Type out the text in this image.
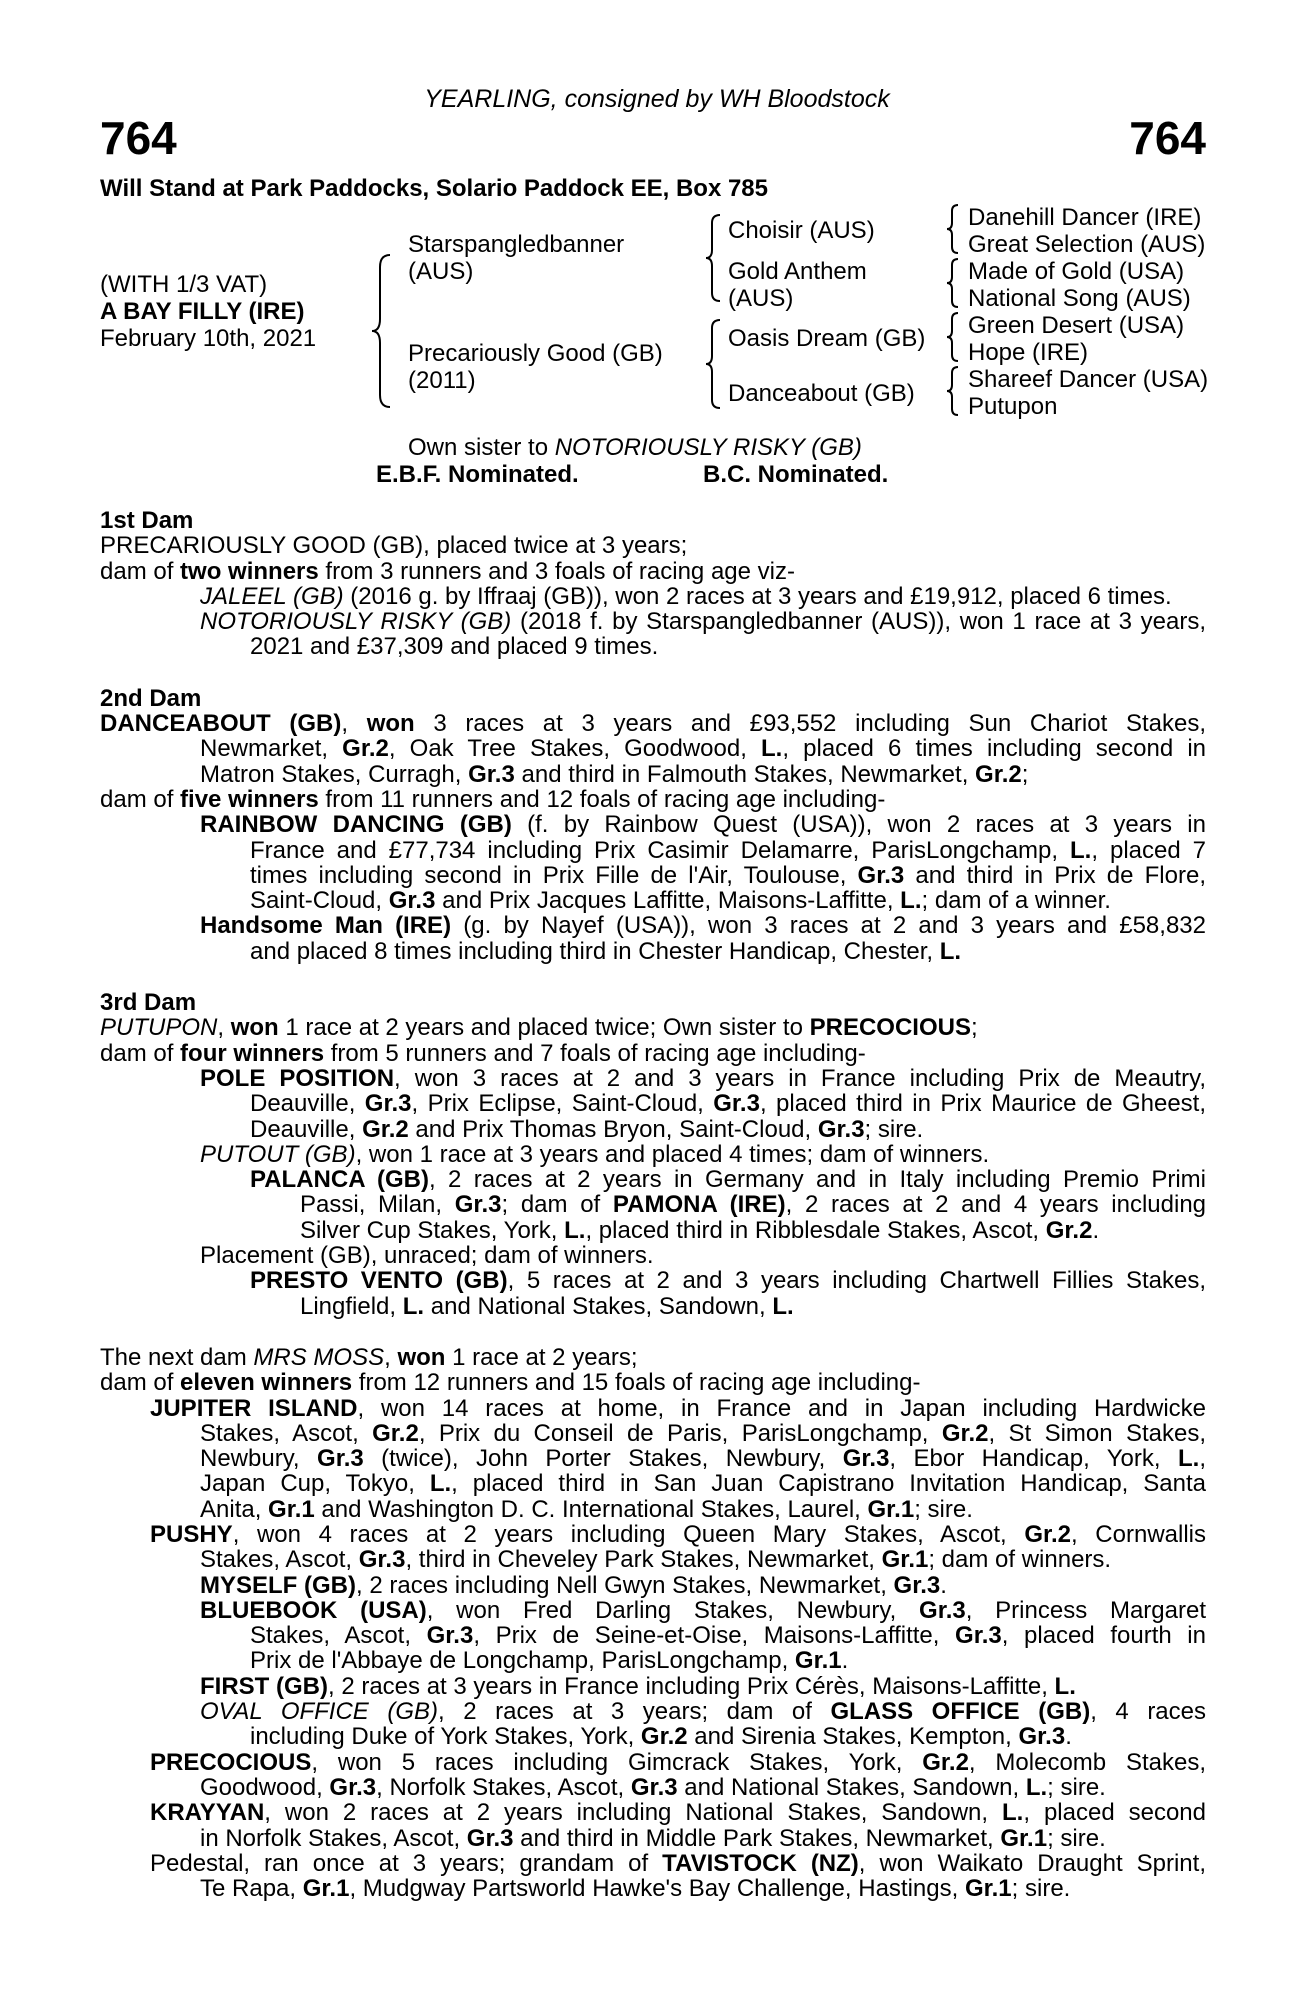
YEARLING, consigned by WH Bloodstock
764	764
Will Stand at Park Paddocks, Solario Paddock EE, Box 785
(WITH 1/3 VAT)
A BAY FILLY (IRE)
February 10th, 2021
Starspangledbanner
(AUS)
Precariously Good (GB)
(2011)
Choisir (AUS)
Gold Anthem
(AUS)
Oasis Dream (GB)
Danceabout (GB)
Danehill Dancer (IRE)
Great Selection (AUS)
Made of Gold (USA)
National Song (AUS)
Green Desert (USA)
Hope (IRE)
Shareef Dancer (USA)
Putupon
Own sister to NOTORIOUSLY RISKY (GB)
E.B.F. Nominated.	B.C. Nominated.
1st Dam
PRECARIOUSLY GOOD (GB), placed twice at 3 years;
dam of two winners from 3 runners and 3 foals of racing age viz-
JALEEL (GB) (2016 g. by Iffraaj (GB)), won 2 races at 3 years and £19,912, placed 6 times.
NOTORIOUSLY RISKY (GB) (2018 f. by Starspangledbanner (AUS)), won 1 race at 3 years,
2021 and £37,309 and placed 9 times.
2nd Dam
DANCEABOUT (GB), won 3 races at 3 years and £93,552 including Sun Chariot Stakes,
Newmarket, Gr.2, Oak Tree Stakes, Goodwood, L., placed 6 times including second in
Matron Stakes, Curragh, Gr.3 and third in Falmouth Stakes, Newmarket, Gr.2;
dam of five winners from 11 runners and 12 foals of racing age including-
RAINBOW DANCING (GB) (f. by Rainbow Quest (USA)), won 2 races at 3 years in
France and £77,734 including Prix Casimir Delamarre, ParisLongchamp, L., placed 7
times including second in Prix Fille de l'Air, Toulouse, Gr.3 and third in Prix de Flore,
Saint-Cloud, Gr.3 and Prix Jacques Laffitte, Maisons-Laffitte, L.; dam of a winner.
Handsome Man (IRE) (g. by Nayef (USA)), won 3 races at 2 and 3 years and £58,832
and placed 8 times including third in Chester Handicap, Chester, L.
3rd Dam
PUTUPON, won 1 race at 2 years and placed twice; Own sister to PRECOCIOUS;
dam of four winners from 5 runners and 7 foals of racing age including-
POLE POSITION, won 3 races at 2 and 3 years in France including Prix de Meautry,
Deauville, Gr.3, Prix Eclipse, Saint-Cloud, Gr.3, placed third in Prix Maurice de Gheest,
Deauville, Gr.2 and Prix Thomas Bryon, Saint-Cloud, Gr.3; sire.
PUTOUT (GB), won 1 race at 3 years and placed 4 times; dam of winners.
PALANCA (GB), 2 races at 2 years in Germany and in Italy including Premio Primi
Passi, Milan, Gr.3; dam of PAMONA (IRE), 2 races at 2 and 4 years including
Silver Cup Stakes, York, L., placed third in Ribblesdale Stakes, Ascot, Gr.2.
Placement (GB), unraced; dam of winners.
PRESTO VENTO (GB), 5 races at 2 and 3 years including Chartwell Fillies Stakes,
Lingfield, L. and National Stakes, Sandown, L.
The next dam MRS MOSS, won 1 race at 2 years;
dam of eleven winners from 12 runners and 15 foals of racing age including-
JUPITER ISLAND, won 14 races at home, in France and in Japan including Hardwicke
Stakes, Ascot, Gr.2, Prix du Conseil de Paris, ParisLongchamp, Gr.2, St Simon Stakes,
Newbury, Gr.3 (twice), John Porter Stakes, Newbury, Gr.3, Ebor Handicap, York, L.,
Japan Cup, Tokyo, L., placed third in San Juan Capistrano Invitation Handicap, Santa
Anita, Gr.1 and Washington D. C. International Stakes, Laurel, Gr.1; sire.
PUSHY, won 4 races at 2 years including Queen Mary Stakes, Ascot, Gr.2, Cornwallis
Stakes, Ascot, Gr.3, third in Cheveley Park Stakes, Newmarket, Gr.1; dam of winners.
MYSELF (GB), 2 races including Nell Gwyn Stakes, Newmarket, Gr.3.
BLUEBOOK (USA), won Fred Darling Stakes, Newbury, Gr.3, Princess Margaret
Stakes, Ascot, Gr.3, Prix de Seine-et-Oise, Maisons-Laffitte, Gr.3, placed fourth in
Prix de l'Abbaye de Longchamp, ParisLongchamp, Gr.1.
FIRST (GB), 2 races at 3 years in France including Prix Cérès, Maisons-Laffitte, L.
OVAL OFFICE (GB), 2 races at 3 years; dam of GLASS OFFICE (GB), 4 races
including Duke of York Stakes, York, Gr.2 and Sirenia Stakes, Kempton, Gr.3.
PRECOCIOUS, won 5 races including Gimcrack Stakes, York, Gr.2, Molecomb Stakes,
Goodwood, Gr.3, Norfolk Stakes, Ascot, Gr.3 and National Stakes, Sandown, L.; sire.
KRAYYAN, won 2 races at 2 years including National Stakes, Sandown, L., placed second
in Norfolk Stakes, Ascot, Gr.3 and third in Middle Park Stakes, Newmarket, Gr.1; sire.
Pedestal, ran once at 3 years; grandam of TAVISTOCK (NZ), won Waikato Draught Sprint,
Te Rapa, Gr.1, Mudgway Partsworld Hawke's Bay Challenge, Hastings, Gr.1; sire.
